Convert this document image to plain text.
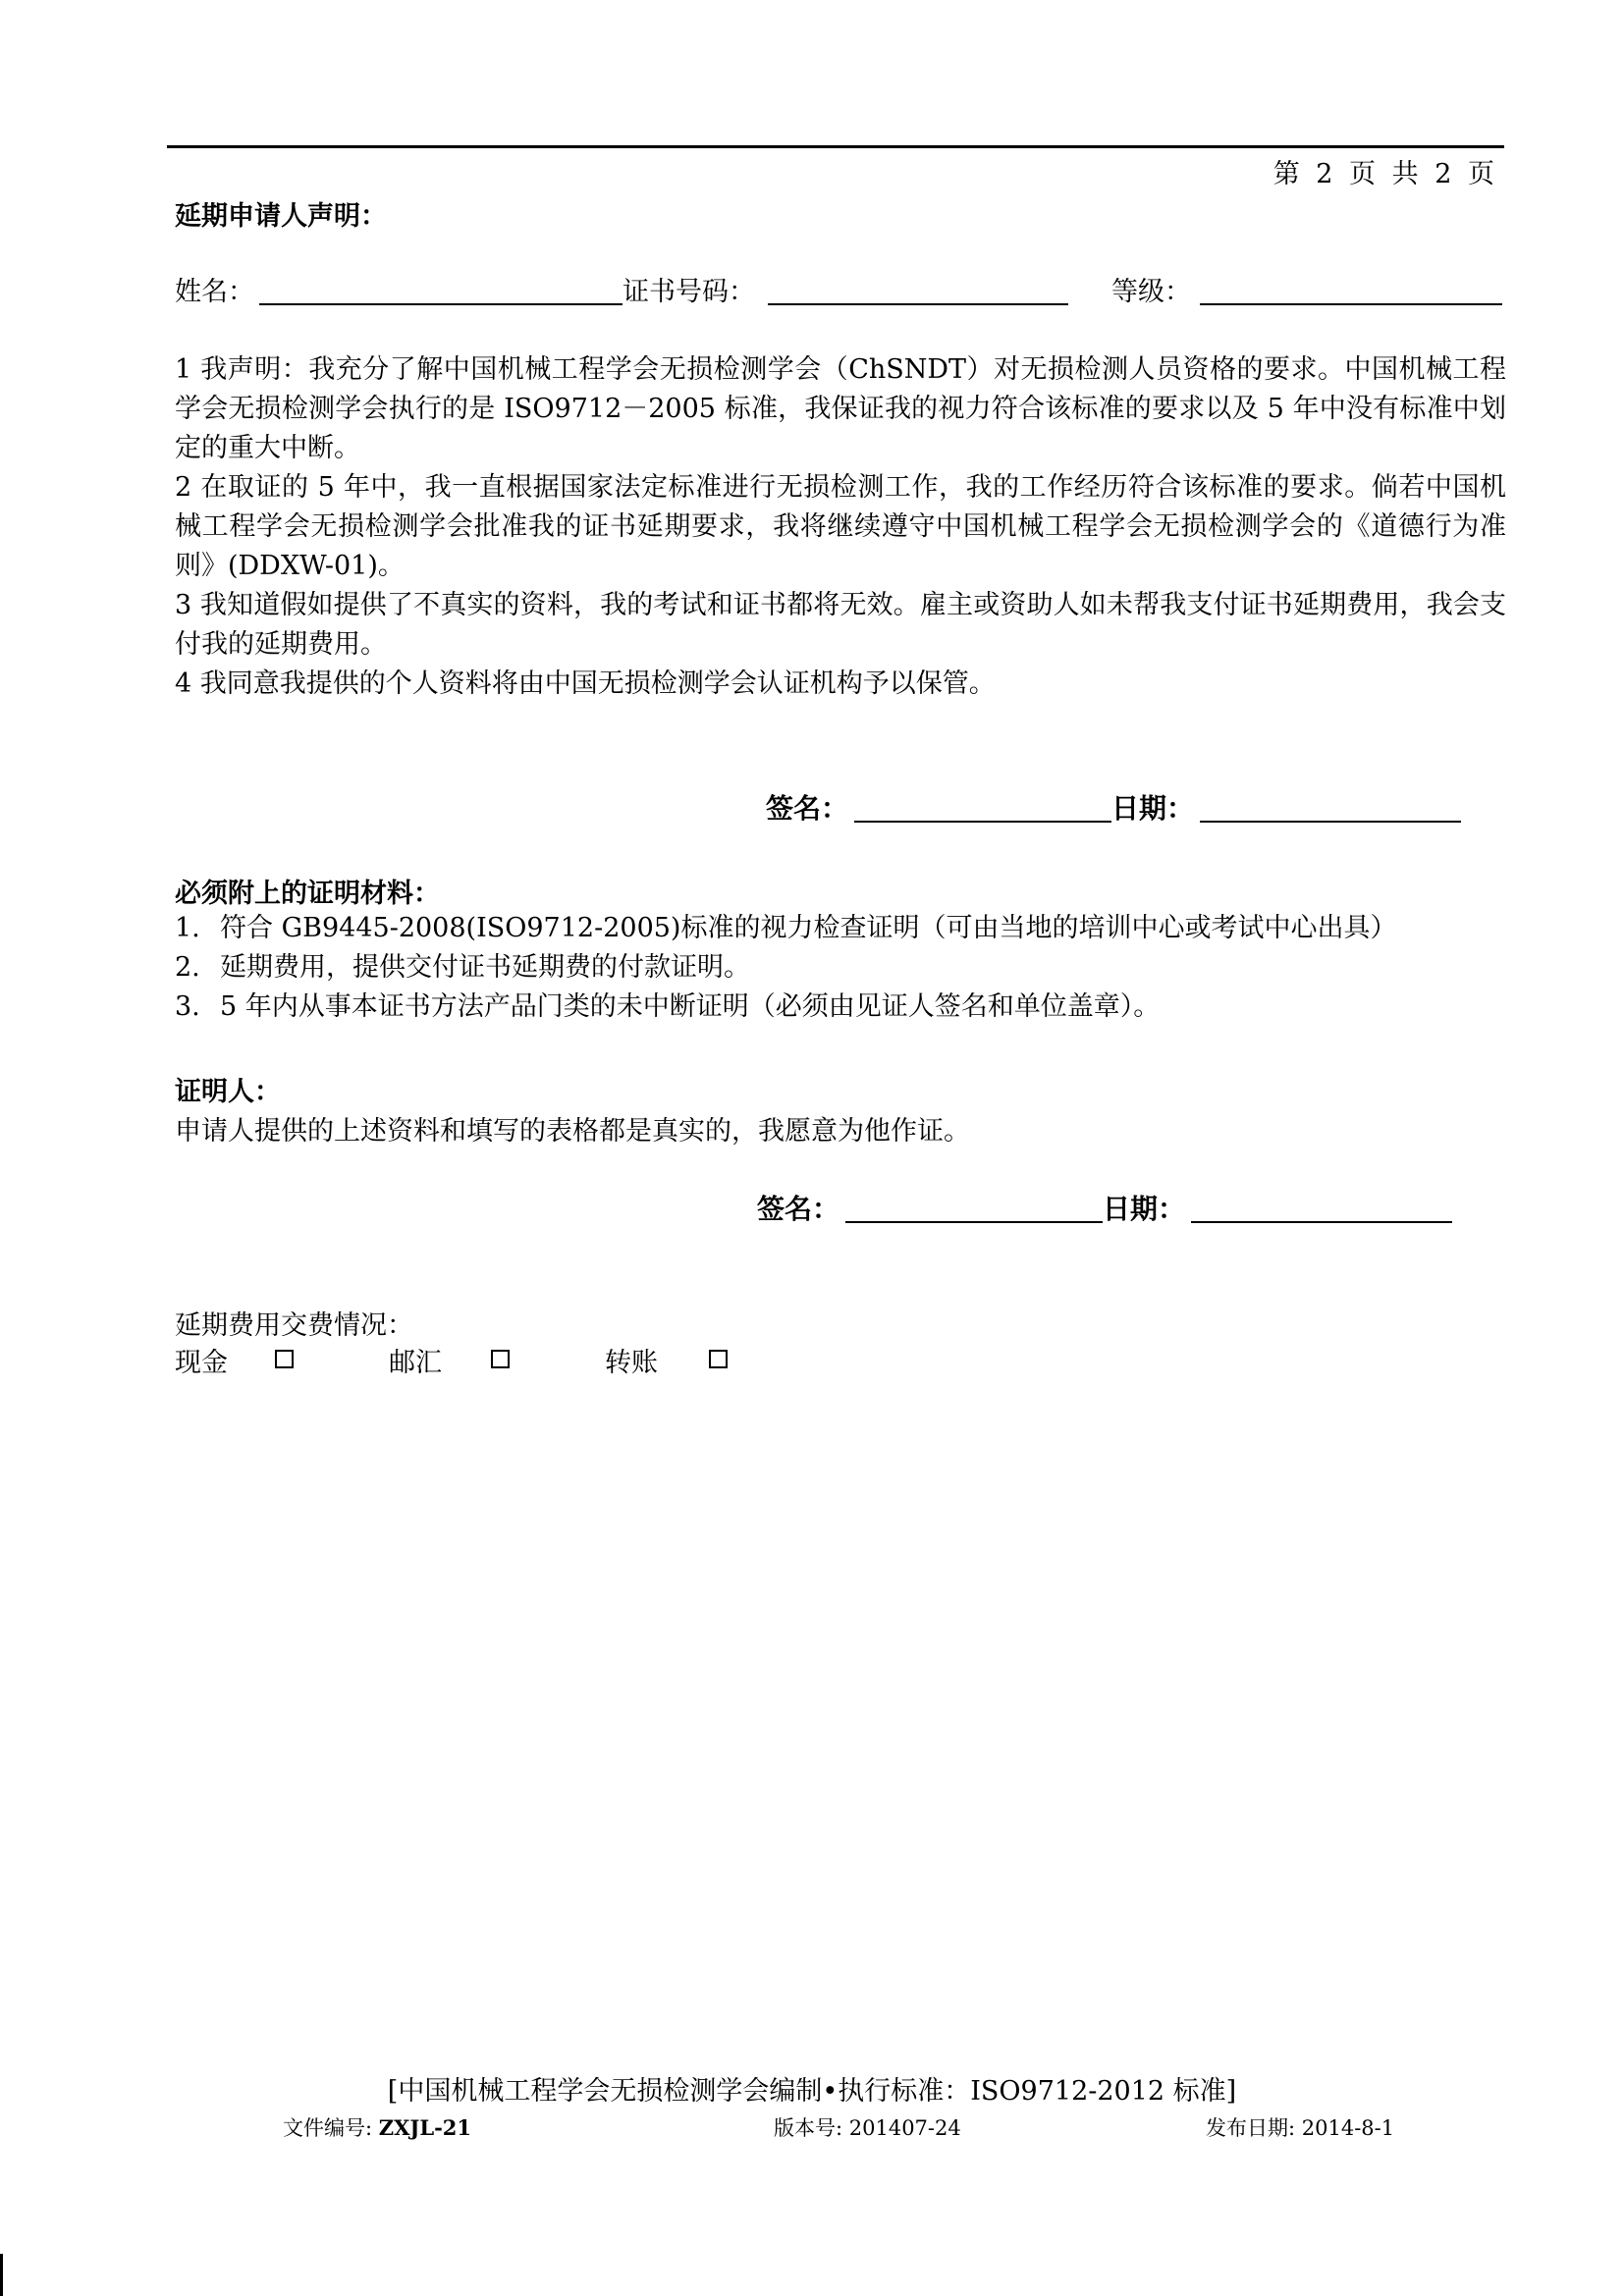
第 2 页 共 2 页
延期申请人声明：
姓名：	证书号码：	等级：

1 我声明：我充分了解中国机械工程学会无损检测学会（ChSNDT）对无损检测人员资格的要求。中国机械工程学会无损检测学会执行的是 ISO9712－2005 标准，我保证我的视力符合该标准的要求以及 5 年中没有标准中划定的重大中断。

2 在取证的 5 年中，我一直根据国家法定标准进行无损检测工作，我的工作经历符合该标准的要求。倘若中国机械工程学会无损检测学会批准我的证书延期要求，我将继续遵守中国机械工程学会无损检测学会的《道德行为准则》(DDXW-01)。

3 我知道假如提供了不真实的资料，我的考试和证书都将无效。雇主或资助人如未帮我支付证书延期费用，我会支付我的延期费用。

4 我同意我提供的个人资料将由中国无损检测学会认证机构予以保管。

签名：	日期：
必须附上的证明材料：
1. 符合 GB9445-2008(ISO9712-2005)标准的视力检查证明（可由当地的培训中心或考试中心出具）
2. 延期费用，提供交付证书延期费的付款证明。
3. 5 年内从事本证书方法产品门类的未中断证明（必须由见证人签名和单位盖章）。
证明人：
申请人提供的上述资料和填写的表格都是真实的，我愿意为他作证。
签名：	日期：
延期费用交费情况：
现金	邮汇	转账
[中国机械工程学会无损检测学会编制•执行标准：ISO9712-2012 标准]
文件编号: ZXJL-21	版本号: 201407-24	发布日期: 2014-8-1
